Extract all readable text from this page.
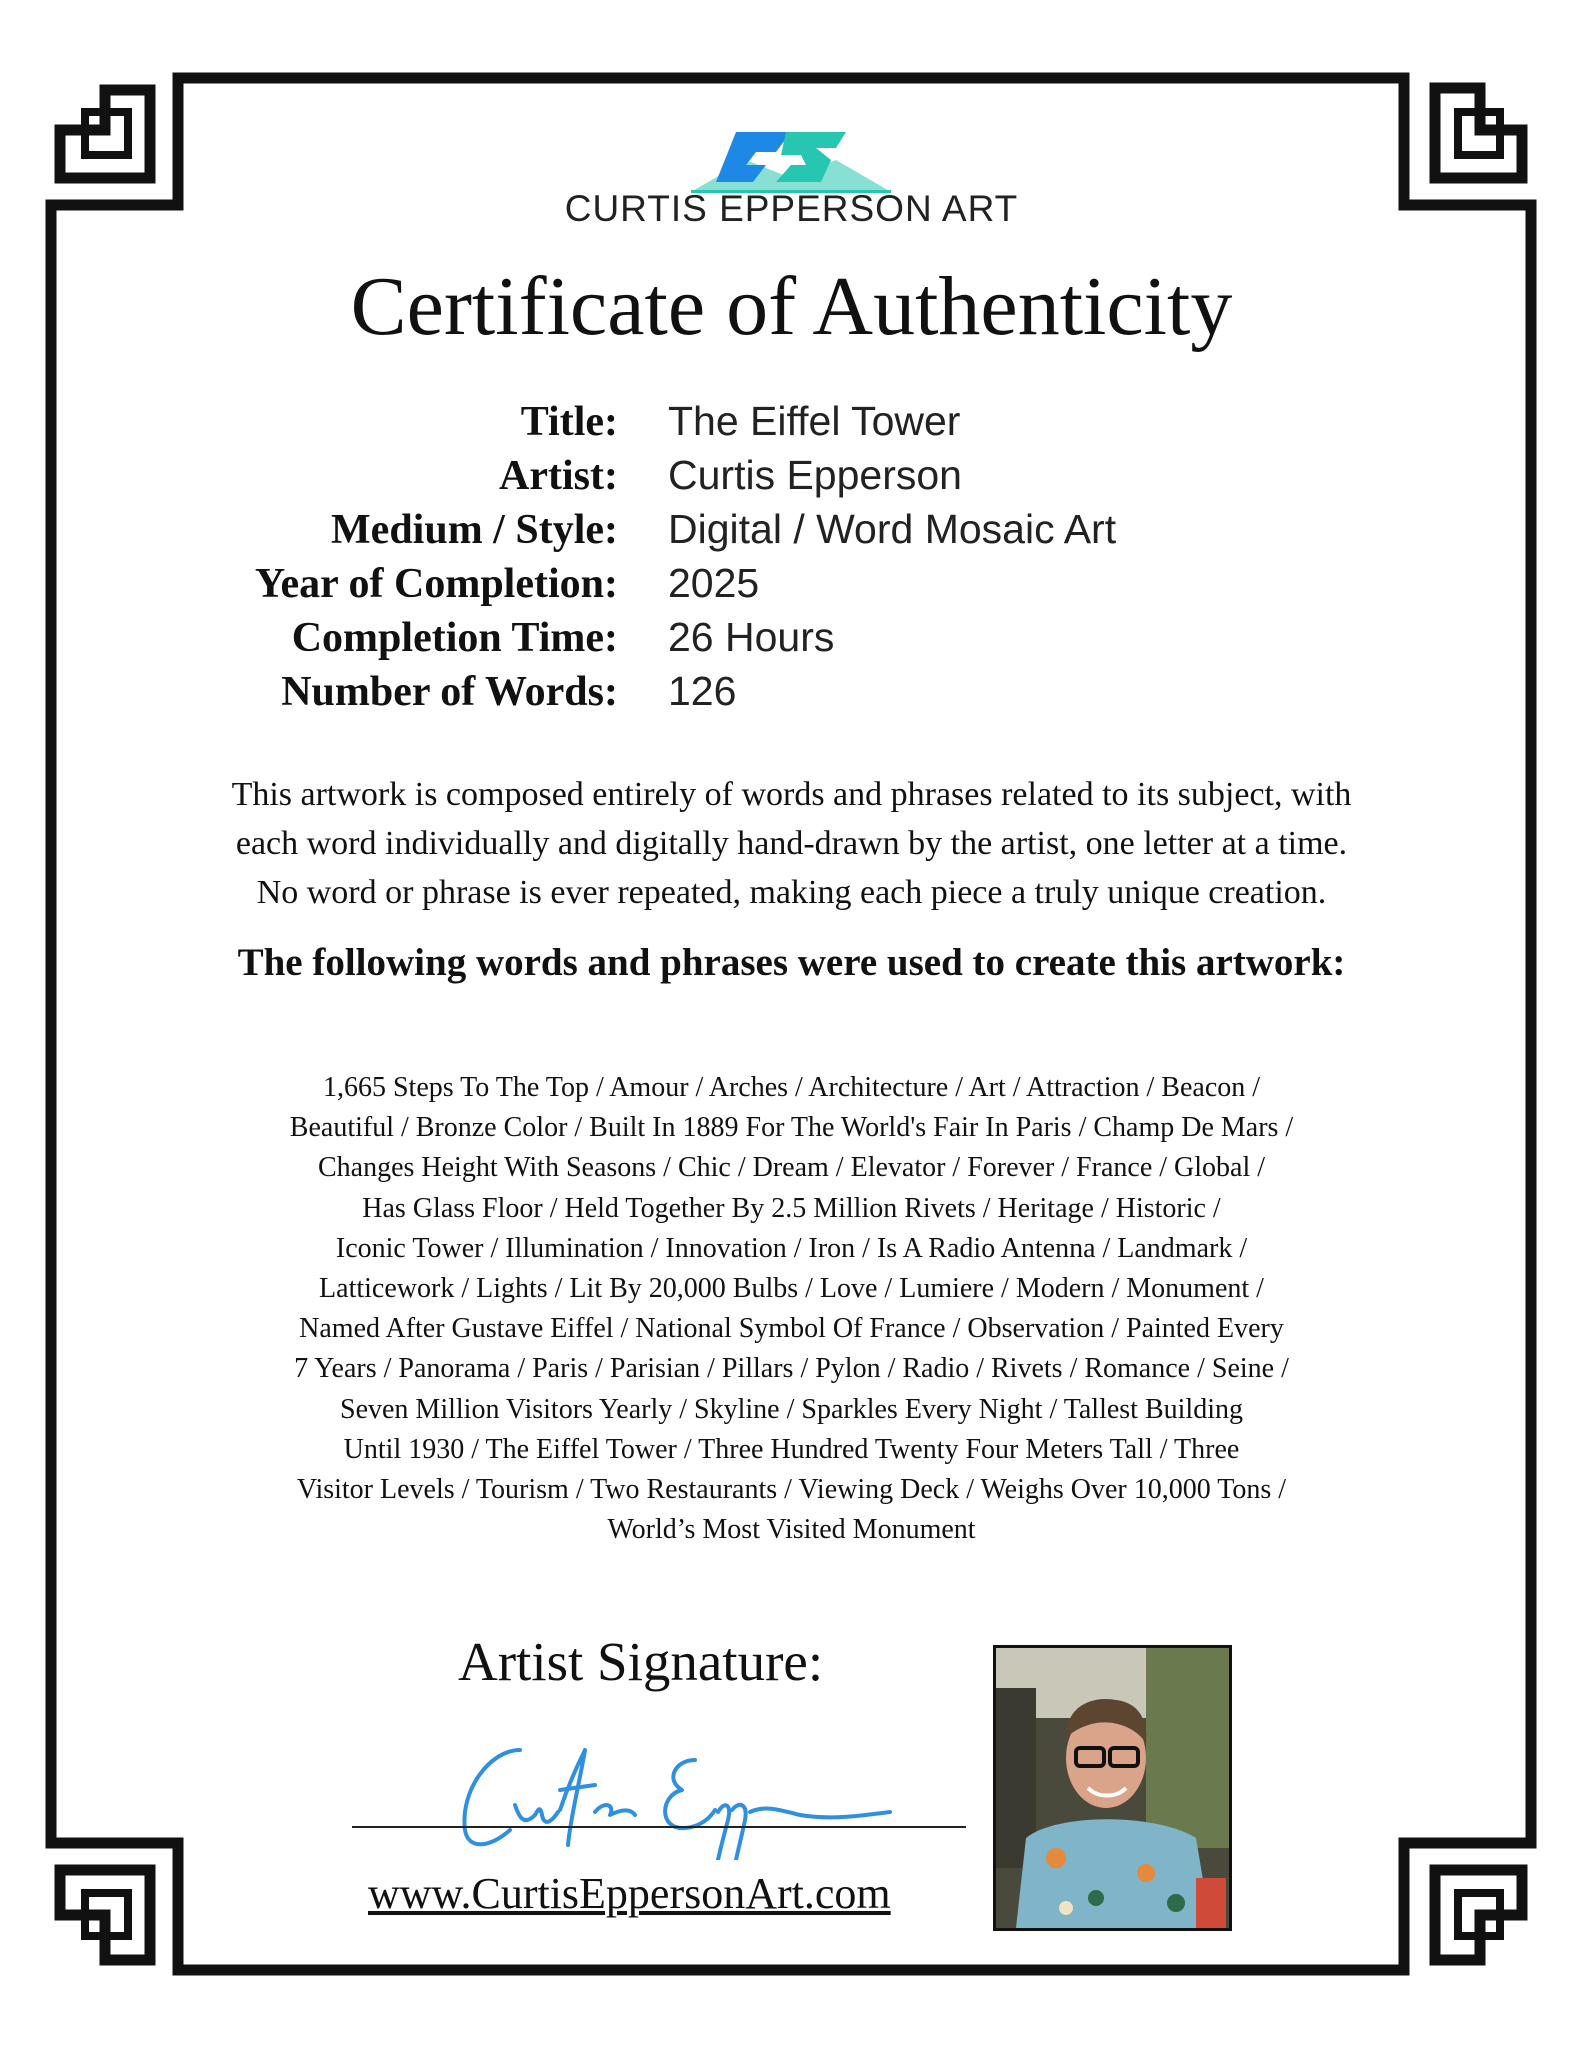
CURTIS EPPERSON ART
Certificate of Authenticity
Title: The Eiffel Tower
Artist: Curtis Epperson
Medium / Style: Digital / Word Mosaic Art
Year of Completion: 2025
Completion Time: 26 Hours
Number of Words: 126
This artwork is composed entirely of words and phrases related to its subject, with
each word individually and digitally hand-drawn by the artist, one letter at a time.
No word or phrase is ever repeated, making each piece a truly unique creation.
The following words and phrases were used to create this artwork:
1,665 Steps To The Top / Amour / Arches / Architecture / Art / Attraction / Beacon /
Beautiful / Bronze Color / Built In 1889 For The World's Fair In Paris / Champ De Mars /
Changes Height With Seasons / Chic / Dream / Elevator / Forever / France / Global /
Has Glass Floor / Held Together By 2.5 Million Rivets / Heritage / Historic /
Iconic Tower / Illumination / Innovation / Iron / Is A Radio Antenna / Landmark /
Latticework / Lights / Lit By 20,000 Bulbs / Love / Lumiere / Modern / Monument /
Named After Gustave Eiffel / National Symbol Of France / Observation / Painted Every
7 Years / Panorama / Paris / Parisian / Pillars / Pylon / Radio / Rivets / Romance / Seine /
Seven Million Visitors Yearly / Skyline / Sparkles Every Night / Tallest Building
Until 1930 / The Eiffel Tower / Three Hundred Twenty Four Meters Tall / Three
Visitor Levels / Tourism / Two Restaurants / Viewing Deck / Weighs Over 10,000 Tons /
World’s Most Visited Monument
Artist Signature:
www.CurtisEppersonArt.com
